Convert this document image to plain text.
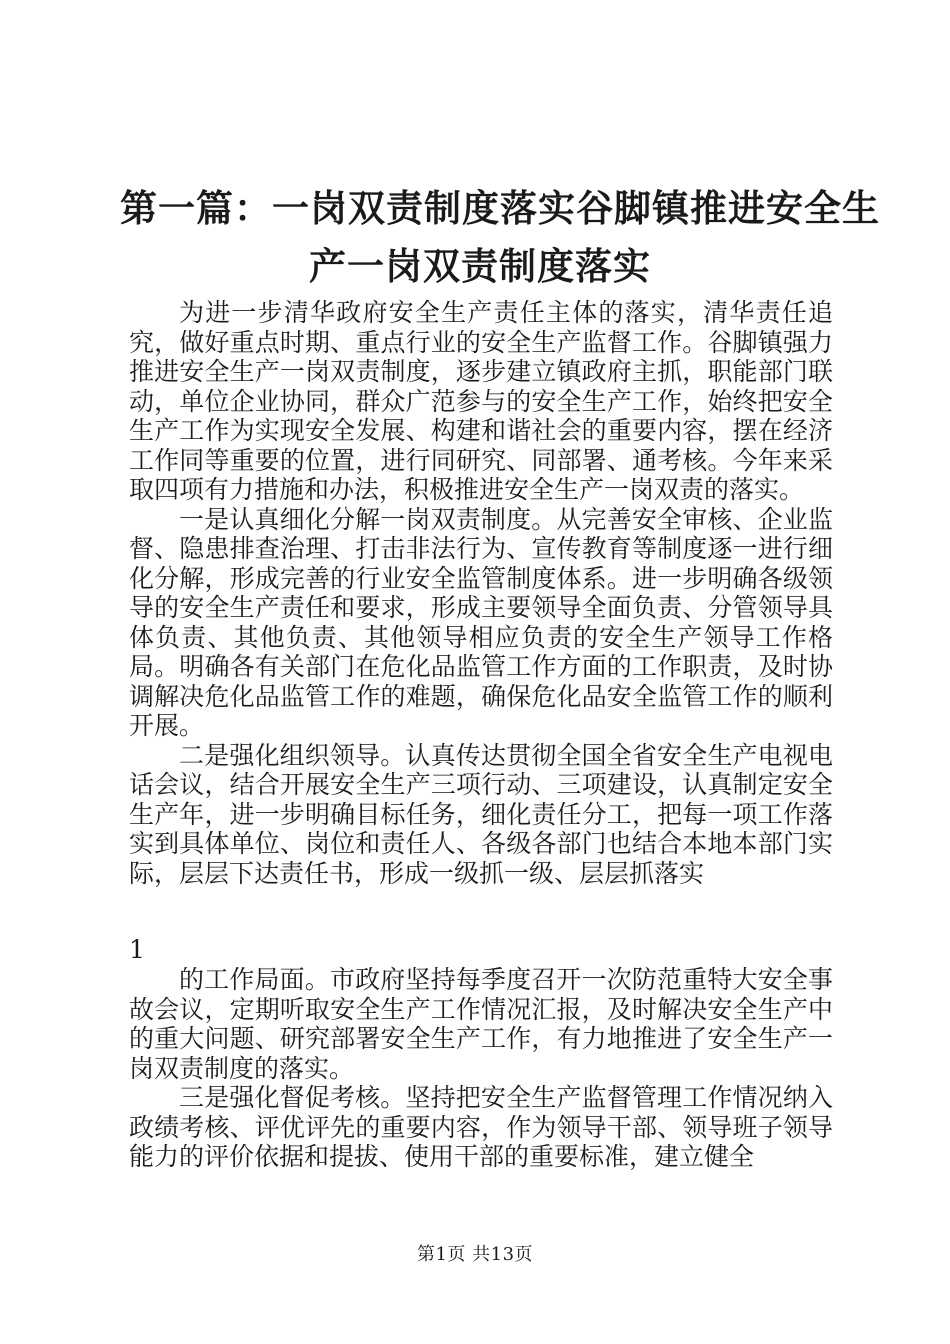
第一篇：一岗双责制度落实谷脚镇推进安全生
产一岗双责制度落实

为进一步清华政府安全生产责任主体的落实，清华责任追究，做好重点时期、重点行业的安全生产监督工作。谷脚镇强力推进安全生产一岗双责制度，逐步建立镇政府主抓，职能部门联动，单位企业协同，群众广范参与的安全生产工作，始终把安全生产工作为实现安全发展、构建和谐社会的重要内容，摆在经济工作同等重要的位置，进行同研究、同部署、通考核。今年来采取四项有力措施和办法，积极推进安全生产一岗双责的落实。

一是认真细化分解一岗双责制度。从完善安全审核、企业监督、隐患排查治理、打击非法行为、宣传教育等制度逐一进行细化分解，形成完善的行业安全监管制度体系。进一步明确各级领导的安全生产责任和要求，形成主要领导全面负责、分管领导具体负责、其他负责、其他领导相应负责的安全生产领导工作格局。明确各有关部门在危化品监管工作方面的工作职责，及时协调解决危化品监管工作的难题，确保危化品安全监管工作的顺利开展。

二是强化组织领导。认真传达贯彻全国全省安全生产电视电话会议，结合开展安全生产三项行动、三项建设，认真制定安全生产年，进一步明确目标任务，细化责任分工，把每一项工作落实到具体单位、岗位和责任人、各级各部门也结合本地本部门实际，层层下达责任书，形成一级抓一级、层层抓落实

1

的工作局面。市政府坚持每季度召开一次防范重特大安全事故会议，定期听取安全生产工作情况汇报，及时解决安全生产中的重大问题、研究部署安全生产工作，有力地推进了安全生产一岗双责制度的落实。

三是强化督促考核。坚持把安全生产监督管理工作情况纳入政绩考核、评优评先的重要内容，作为领导干部、领导班子领导能力的评价依据和提拔、使用干部的重要标准，建立健全

第1页 共13页
